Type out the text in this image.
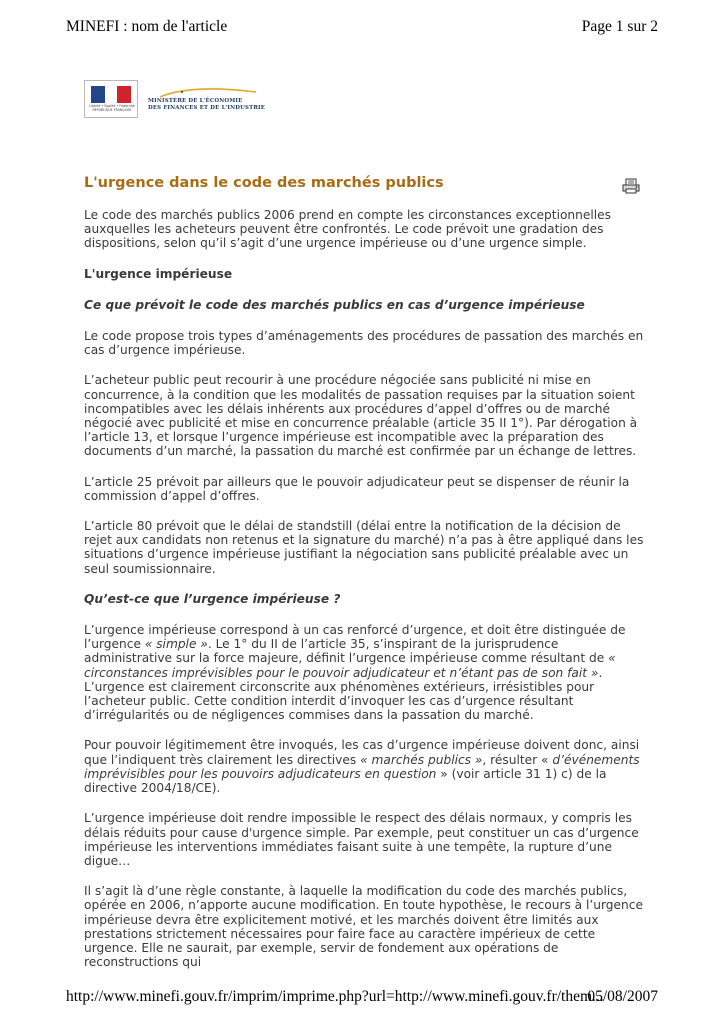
MINEFI : nom de l'article	Page 1 sur 2
Liberté • Égalité • Fraternité RÉPUBLIQUE FRANÇAISE
MINISTÈRE DE L'ÉCONOMIE
DES FINANCES ET DE L'INDUSTRIE
L'urgence dans le code des marchés publics

Le code des marchés publics 2006 prend en compte les circonstances exceptionnelles auxquelles les acheteurs peuvent être confrontés. Le code prévoit une gradation des dispositions, selon qu’il s’agit d’une urgence impérieuse ou d’une urgence simple.

L'urgence impérieuse
Ce que prévoit le code des marchés publics en cas d’urgence impérieuse

Le code propose trois types d’aménagements des procédures de passation des marchés en cas d’urgence impérieuse.

L’acheteur public peut recourir à une procédure négociée sans publicité ni mise en concurrence, à la condition que les modalités de passation requises par la situation soient incompatibles avec les délais inhérents aux procédures d’appel d’offres ou de marché négocié avec publicité et mise en concurrence préalable (article 35 II 1°). Par dérogation à l’article 13, et lorsque l’urgence impérieuse est incompatible avec la préparation des documents d’un marché, la passation du marché est confirmée par un échange de lettres.

L’article 25 prévoit par ailleurs que le pouvoir adjudicateur peut se dispenser de réunir la commission d’appel d’offres.

L’article 80 prévoit que le délai de standstill (délai entre la notification de la décision de rejet aux candidats non retenus et la signature du marché) n’a pas à être appliqué dans les situations d’urgence impérieuse justifiant la négociation sans publicité préalable avec un seul soumissionnaire.

Qu’est-ce que l’urgence impérieuse ?

L’urgence impérieuse correspond à un cas renforcé d’urgence, et doit être distinguée de l’urgence « simple ». Le 1° du II de l’article 35, s’inspirant de la jurisprudence administrative sur la force majeure, définit l’urgence impérieuse comme résultant de « circonstances imprévisibles pour le pouvoir adjudicateur et n’étant pas de son fait ». L’urgence est clairement circonscrite aux phénomènes extérieurs, irrésistibles pour l’acheteur public. Cette condition interdit d’invoquer les cas d’urgence résultant d’irrégularités ou de négligences commises dans la passation du marché.

Pour pouvoir légitimement être invoqués, les cas d’urgence impérieuse doivent donc, ainsi que l’indiquent très clairement les directives « marchés publics », résulter « d’événements imprévisibles pour les pouvoirs adjudicateurs en question » (voir article 31 1) c) de la directive 2004/18/CE).

L’urgence impérieuse doit rendre impossible le respect des délais normaux, y compris les délais réduits pour cause d'urgence simple. Par exemple, peut constituer un cas d’urgence impérieuse les interventions immédiates faisant suite à une tempête, la rupture d’une digue…

Il s’agit là d’une règle constante, à laquelle la modification du code des marchés publics, opérée en 2006, n’apporte aucune modification. En toute hypothèse, le recours à l’urgence impérieuse devra être explicitement motivé, et les marchés doivent être limités aux prestations strictement nécessaires pour faire face au caractère impérieux de cette urgence. Elle ne saurait, par exemple, servir de fondement aux opérations de reconstructions qui

http://www.minefi.gouv.fr/imprim/imprime.php?url=http://www.minefi.gouv.fr/them...
05/08/2007
